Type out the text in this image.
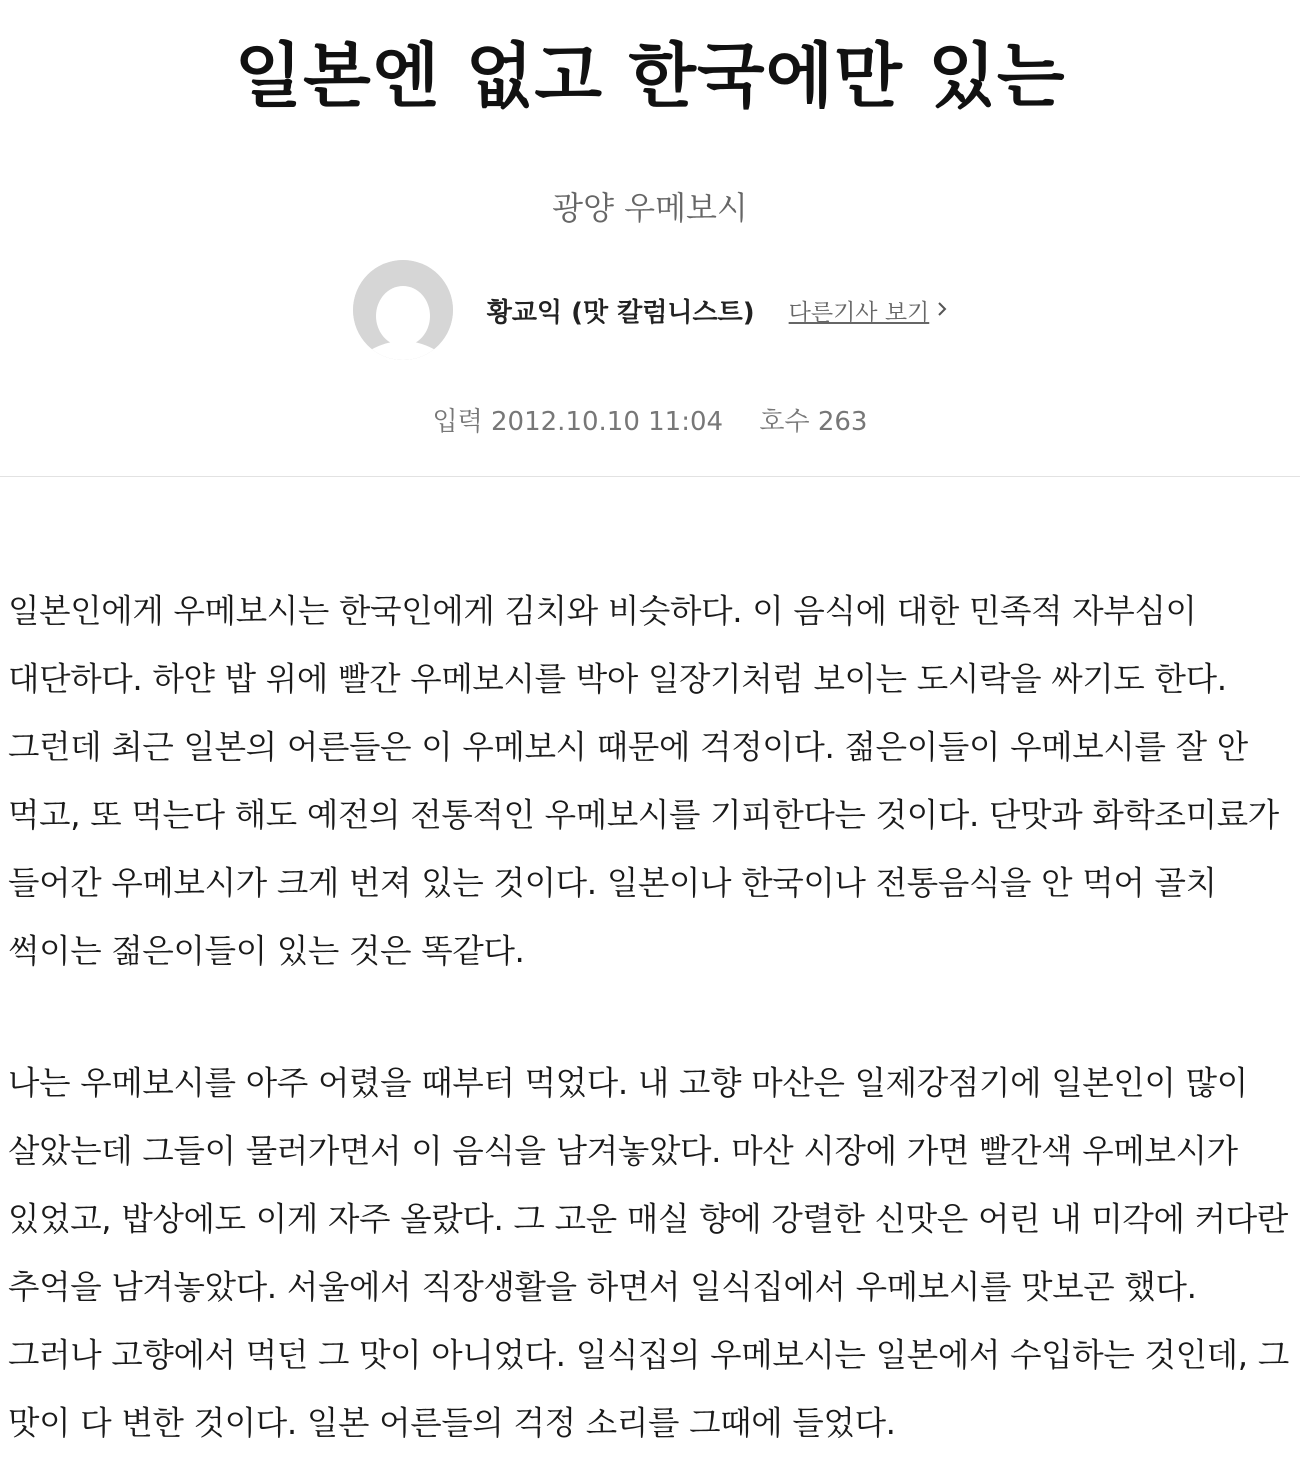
일본엔 없고 한국에만 있는
광양 우메보시
황교익 (맛 칼럼니스트) 다른기사 보기
입력 2012.10.10 11:04 호수 263

일본인에게 우메보시는 한국인에게 김치와 비슷하다. 이 음식에 대한 민족적 자부심이 대단하다. 하얀 밥 위에 빨간 우메보시를 박아 일장기처럼 보이는 도시락을 싸기도 한다. 그런데 최근 일본의 어른들은 이 우메보시 때문에 걱정이다. 젊은이들이 우메보시를 잘 안 먹고, 또 먹는다 해도 예전의 전통적인 우메보시를 기피한다는 것이다. 단맛과 화학조미료가 들어간 우메보시가 크게 번져 있는 것이다. 일본이나 한국이나 전통음식을 안 먹어 골치 썩이는 젊은이들이 있는 것은 똑같다.

나는 우메보시를 아주 어렸을 때부터 먹었다. 내 고향 마산은 일제강점기에 일본인이 많이 살았는데 그들이 물러가면서 이 음식을 남겨놓았다. 마산 시장에 가면 빨간색 우메보시가 있었고, 밥상에도 이게 자주 올랐다. 그 고운 매실 향에 강렬한 신맛은 어린 내 미각에 커다란 추억을 남겨놓았다. 서울에서 직장생활을 하면서 일식집에서 우메보시를 맛보곤 했다. 그러나 고향에서 먹던 그 맛이 아니었다. 일식집의 우메보시는 일본에서 수입하는 것인데, 그 맛이 다 변한 것이다. 일본 어른들의 걱정 소리를 그때에 들었다.
